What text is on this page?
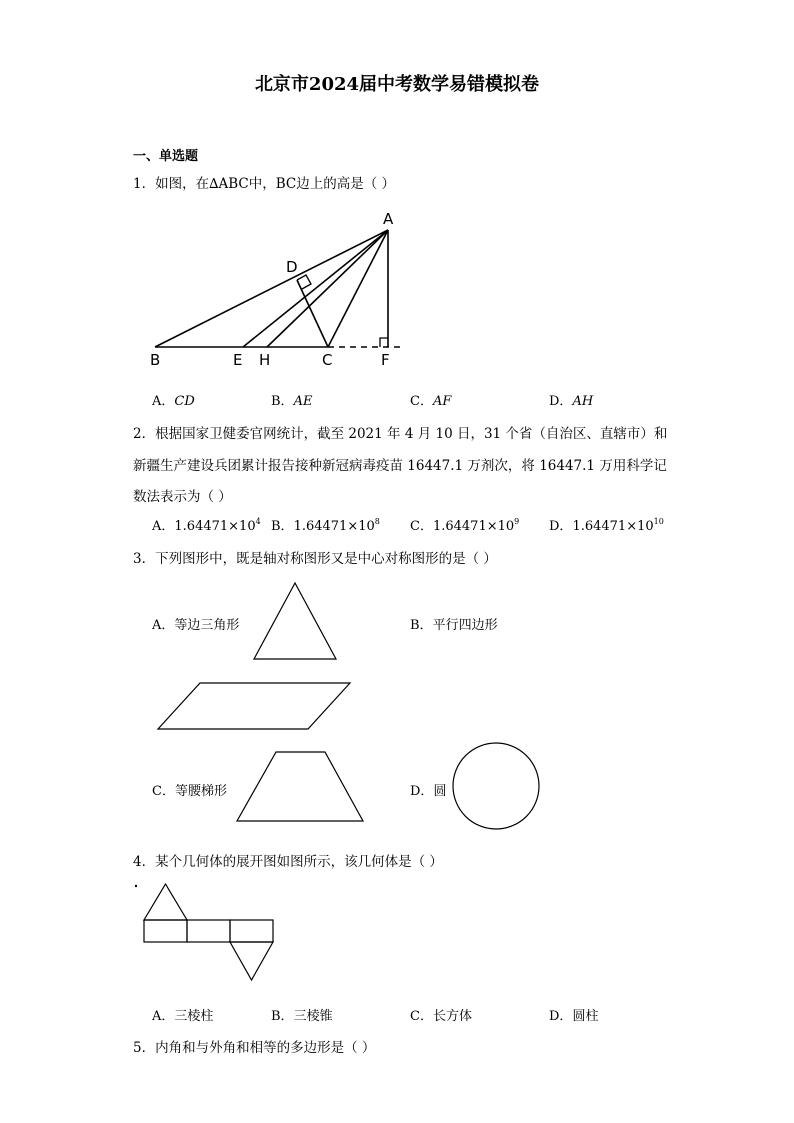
北京市2024届中考数学易错模拟卷
一、单选题
1．如图，在∆ABC中，BC边上的高是（ ）
A
B	C
D
E	F
H
A．CD	B．AE	C．AF	D．AH
2．根据国家卫健委官网统计，截至 2021 年 4 月 10 日，31 个省（自治区、直辖市）和
新疆生产建设兵团累计报告接种新冠病毒疫苗 16447.1 万剂次，将 16447.1 万用科学记
数法表示为（ ）
A．$1.64471\times 10^4$ B．$1.64471\times 10^8$ C．$1.64471\times 10^9$ D．$1.64471\times 10^{10}$
3．下列图形中，既是轴对称图形又是中心对称图形的是（ ）
A．等边三角形	B．平行四边形
C．等腰梯形	D．圆
4．某个几何体的展开图如图所示，该几何体是（ ）
A．三棱柱	B．三棱锥	C．长方体	D．圆柱
5．内角和与外角和相等的多边形是（ ）
